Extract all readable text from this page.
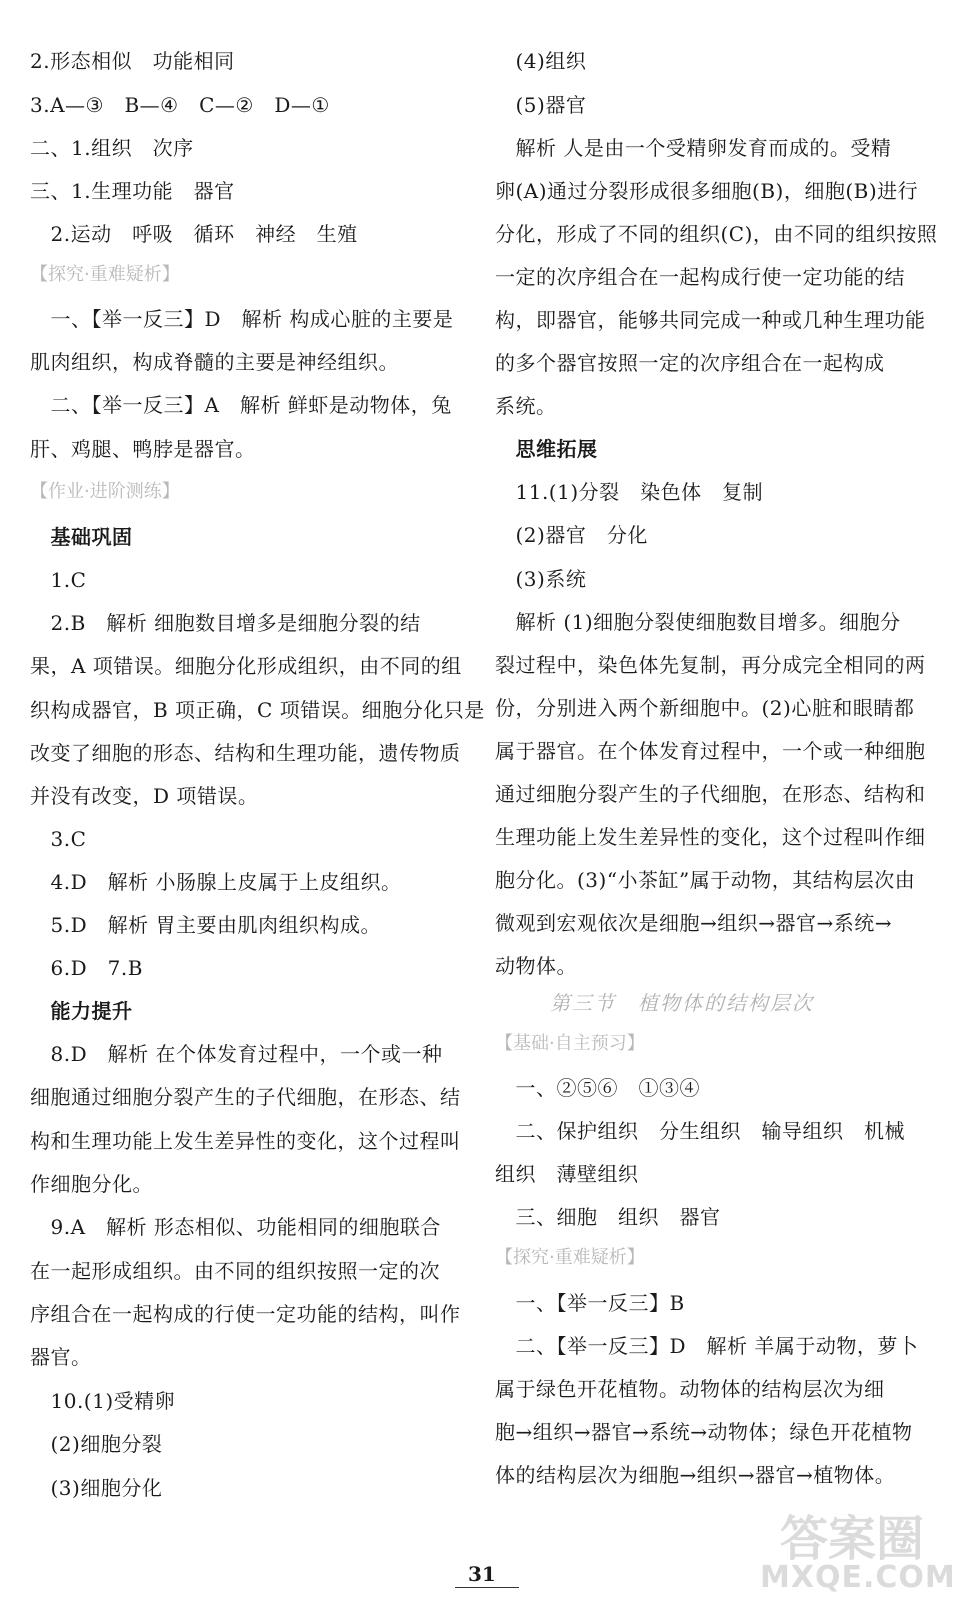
2.形态相似　功能相同
3.A—③　B—④　C—②　D—①
二、1.组织　次序
三、1.生理功能　器官
　2.运动　呼吸　循环　神经　生殖
【探究·重难疑析】
　一、【举一反三】D　解析 构成心脏的主要是
肌肉组织，构成脊髓的主要是神经组织。
　二、【举一反三】A　解析 鲜虾是动物体，兔
肝、鸡腿、鸭脖是器官。
【作业·进阶测练】
　基础巩固
　1.C
　2.B　解析 细胞数目增多是细胞分裂的结
果，A 项错误。细胞分化形成组织，由不同的组
织构成器官，B 项正确，C 项错误。细胞分化只是
改变了细胞的形态、结构和生理功能，遗传物质
并没有改变，D 项错误。
　3.C
　4.D　解析 小肠腺上皮属于上皮组织。
　5.D　解析 胃主要由肌肉组织构成。
　6.D　7.B
　能力提升
　8.D　解析 在个体发育过程中，一个或一种
细胞通过细胞分裂产生的子代细胞，在形态、结
构和生理功能上发生差异性的变化，这个过程叫
作细胞分化。
　9.A　解析 形态相似、功能相同的细胞联合
在一起形成组织。由不同的组织按照一定的次
序组合在一起构成的行使一定功能的结构，叫作
器官。
　10.(1)受精卵
　(2)细胞分裂
　(3)细胞分化
　(4)组织
　(5)器官
　解析 人是由一个受精卵发育而成的。受精
卵(A)通过分裂形成很多细胞(B)，细胞(B)进行
分化，形成了不同的组织(C)，由不同的组织按照
一定的次序组合在一起构成行使一定功能的结
构，即器官，能够共同完成一种或几种生理功能
的多个器官按照一定的次序组合在一起构成
系统。
　思维拓展
　11.(1)分裂　染色体　复制
　(2)器官　分化
　(3)系统
　解析 (1)细胞分裂使细胞数目增多。细胞分
裂过程中，染色体先复制，再分成完全相同的两
份，分别进入两个新细胞中。(2)心脏和眼睛都
属于器官。在个体发育过程中，一个或一种细胞
通过细胞分裂产生的子代细胞，在形态、结构和
生理功能上发生差异性的变化，这个过程叫作细
胞分化。(3)“小茶缸”属于动物，其结构层次由
微观到宏观依次是细胞→组织→器官→系统→
动物体。
第三节　植物体的结构层次
【基础·自主预习】
　一、②⑤⑥　①③④
　二、保护组织　分生组织　输导组织　机械
组织　薄壁组织
　三、细胞　组织　器官
【探究·重难疑析】
　一、【举一反三】B
　二、【举一反三】D　解析 羊属于动物，萝卜
属于绿色开花植物。动物体的结构层次为细
胞→组织→器官→系统→动物体；绿色开花植物
体的结构层次为细胞→组织→器官→植物体。
31
答案圈
MXQE.COM
